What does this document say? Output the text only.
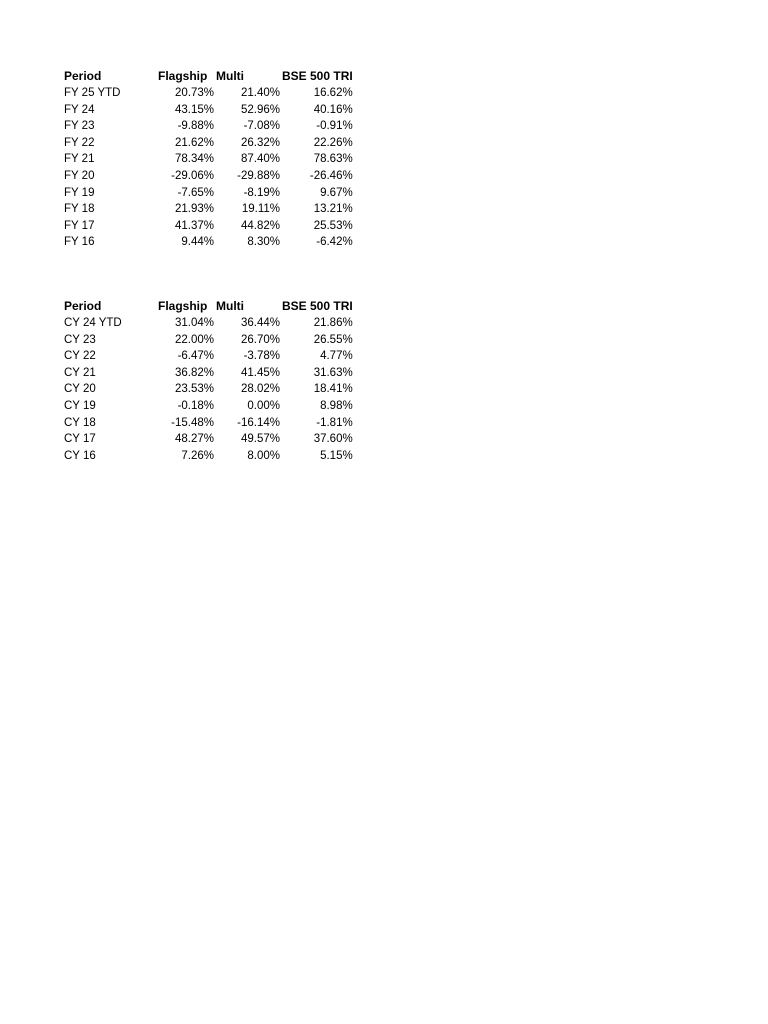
Period	Flagship	Multi	BSE 500 TRI
FY 25 YTD	20.73%	21.40%	16.62%
FY 24	43.15%	52.96%	40.16%
FY 23	-9.88%	-7.08%	-0.91%
FY 22	21.62%	26.32%	22.26%
FY 21	78.34%	87.40%	78.63%
FY 20	-29.06%	-29.88%	-26.46%
FY 19	-7.65%	-8.19%	9.67%
FY 18	21.93%	19.11%	13.21%
FY 17	41.37%	44.82%	25.53%
FY 16	9.44%	8.30%	-6.42%
Period	Flagship	Multi	BSE 500 TRI
CY 24 YTD	31.04%	36.44%	21.86%
CY 23	22.00%	26.70%	26.55%
CY 22	-6.47%	-3.78%	4.77%
CY 21	36.82%	41.45%	31.63%
CY 20	23.53%	28.02%	18.41%
CY 19	-0.18%	0.00%	8.98%
CY 18	-15.48%	-16.14%	-1.81%
CY 17	48.27%	49.57%	37.60%
CY 16	7.26%	8.00%	5.15%
